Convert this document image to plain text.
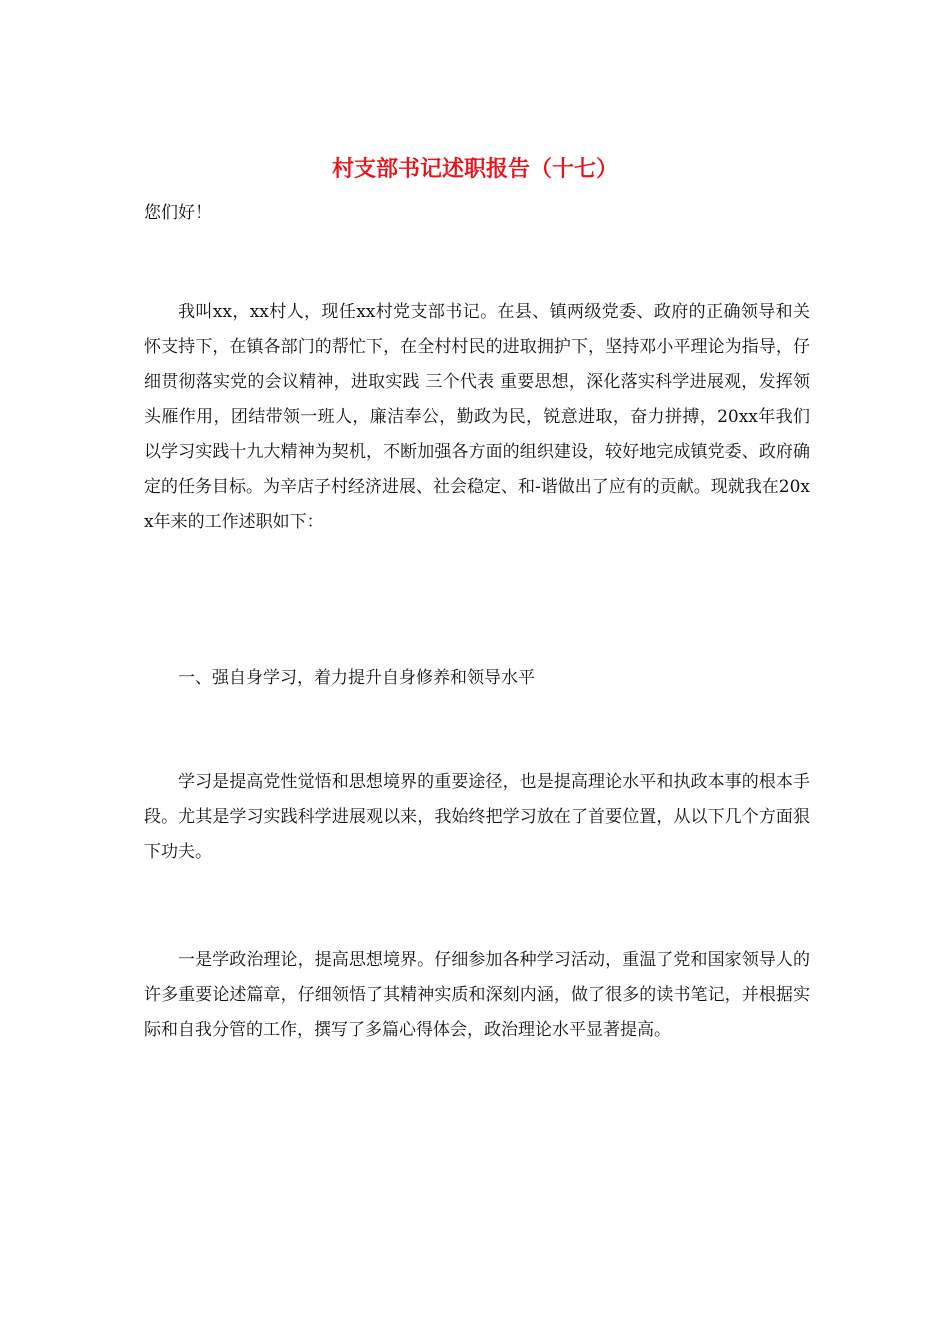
村支部书记述职报告（十七）
您们好！
我叫xx，xx村人，现任xx村党支部书记。在县、镇两级党委、政府的正确领导和关怀支持下，在镇各部门的帮忙下，在全村村民的进取拥护下，坚持邓小平理论为指导，仔细贯彻落实党的会议精神，进取实践 三个代表 重要思想，深化落实科学进展观，发挥领头雁作用，团结带领一班人，廉洁奉公，勤政为民，锐意进取，奋力拼搏，20xx年我们以学习实践十九大精神为契机，不断加强各方面的组织建设，较好地完成镇党委、政府确定的任务目标。为辛店子村经济进展、社会稳定、和-谐做出了应有的贡献。现就我在20xx年来的工作述职如下：
一、强自身学习，着力提升自身修养和领导水平
学习是提高党性觉悟和思想境界的重要途径，也是提高理论水平和执政本事的根本手段。尤其是学习实践科学进展观以来，我始终把学习放在了首要位置，从以下几个方面狠下功夫。
一是学政治理论，提高思想境界。仔细参加各种学习活动，重温了党和国家领导人的许多重要论述篇章，仔细领悟了其精神实质和深刻内涵，做了很多的读书笔记，并根据实际和自我分管的工作，撰写了多篇心得体会，政治理论水平显著提高。
